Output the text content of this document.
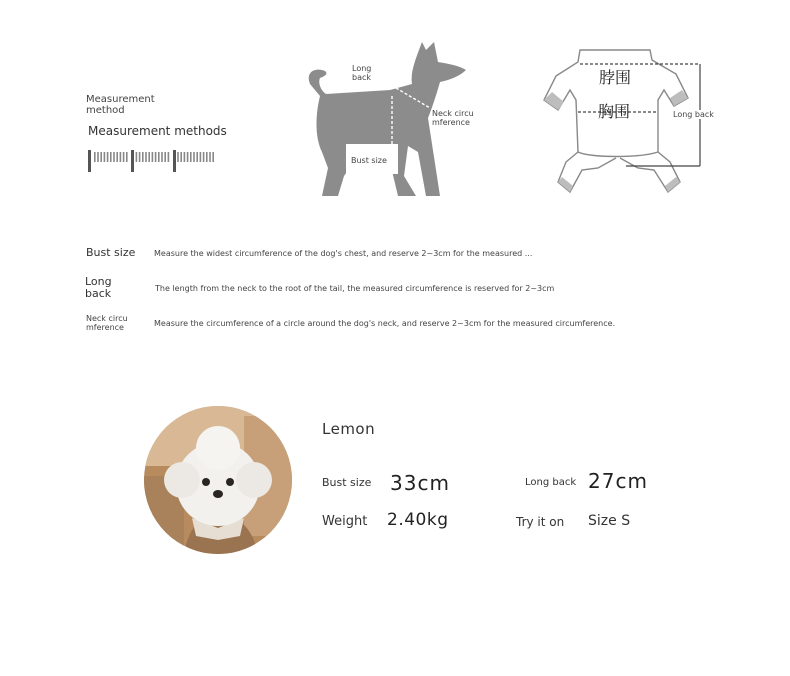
Measurement method
Measurement methods
Long back
Neck circu mference
Bust size
脖围
胸围	Long back
Bust size Measure the widest circumference of the dog's chest, and reserve 2~3cm for the measured ...
Long back	The length from the neck to the root of the tail, the measured circumference is reserved for 2~3cm
Neck circu mference	Measure the circumference of a circle around the dog's neck, and reserve 2~3cm for the measured circumference.
Lemon
Bust size 33cm	Long back 27cm
Weight 2.40kg	Try it on Size S
